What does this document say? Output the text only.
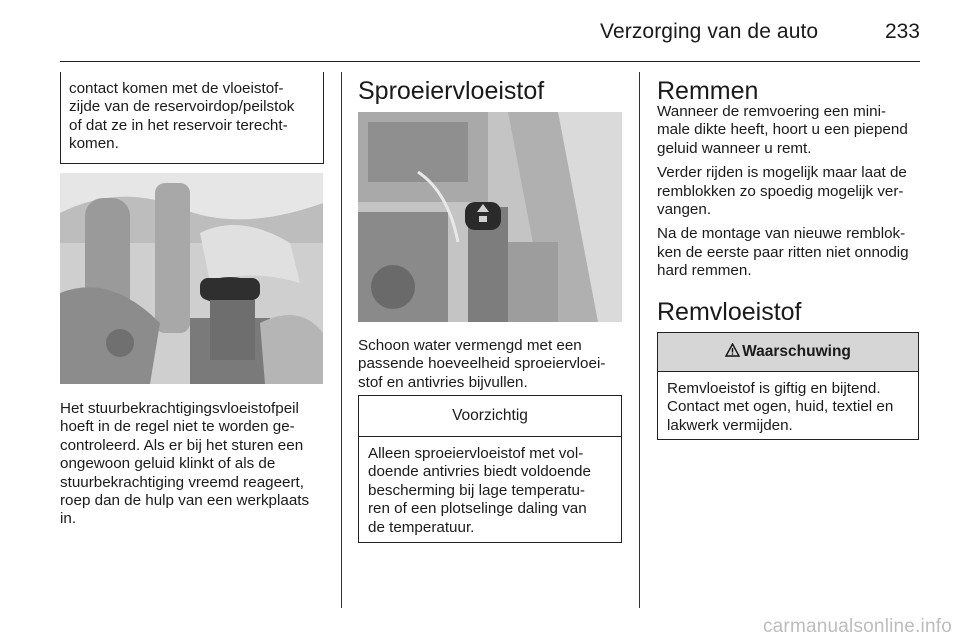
Verzorging van de auto	233

contact komen met de vloeistof-

zijde van de reservoirdop/peilstok

of dat ze in het reservoir terecht-

komen.

Het stuurbekrachtigingsvloeistofpeil

hoeft in de regel niet te worden ge-

controleerd. Als er bij het sturen een

ongewoon geluid klinkt of als de

stuurbekrachtiging vreemd reageert,

roep dan de hulp van een werkplaats

in.

Sproeiervloeistof

Schoon water vermengd met een

passende hoeveelheid sproeiervloei-

stof en antivries bijvullen.

Voorzichtig

Alleen sproeiervloeistof met vol-

doende antivries biedt voldoende

bescherming bij lage temperatu-

ren of een plotselinge daling van

de temperatuur.

Remmen

Wanneer de remvoering een mini-

male dikte heeft, hoort u een piepend

geluid wanneer u remt.

Verder rijden is mogelijk maar laat de

remblokken zo spoedig mogelijk ver-

vangen.

Na de montage van nieuwe remblok-

ken de eerste paar ritten niet onnodig

hard remmen.

Remvloeistof
Waarschuwing

Remvloeistof is giftig en bijtend.

Contact met ogen, huid, textiel en

lakwerk vermijden.

carmanualsonline.info
